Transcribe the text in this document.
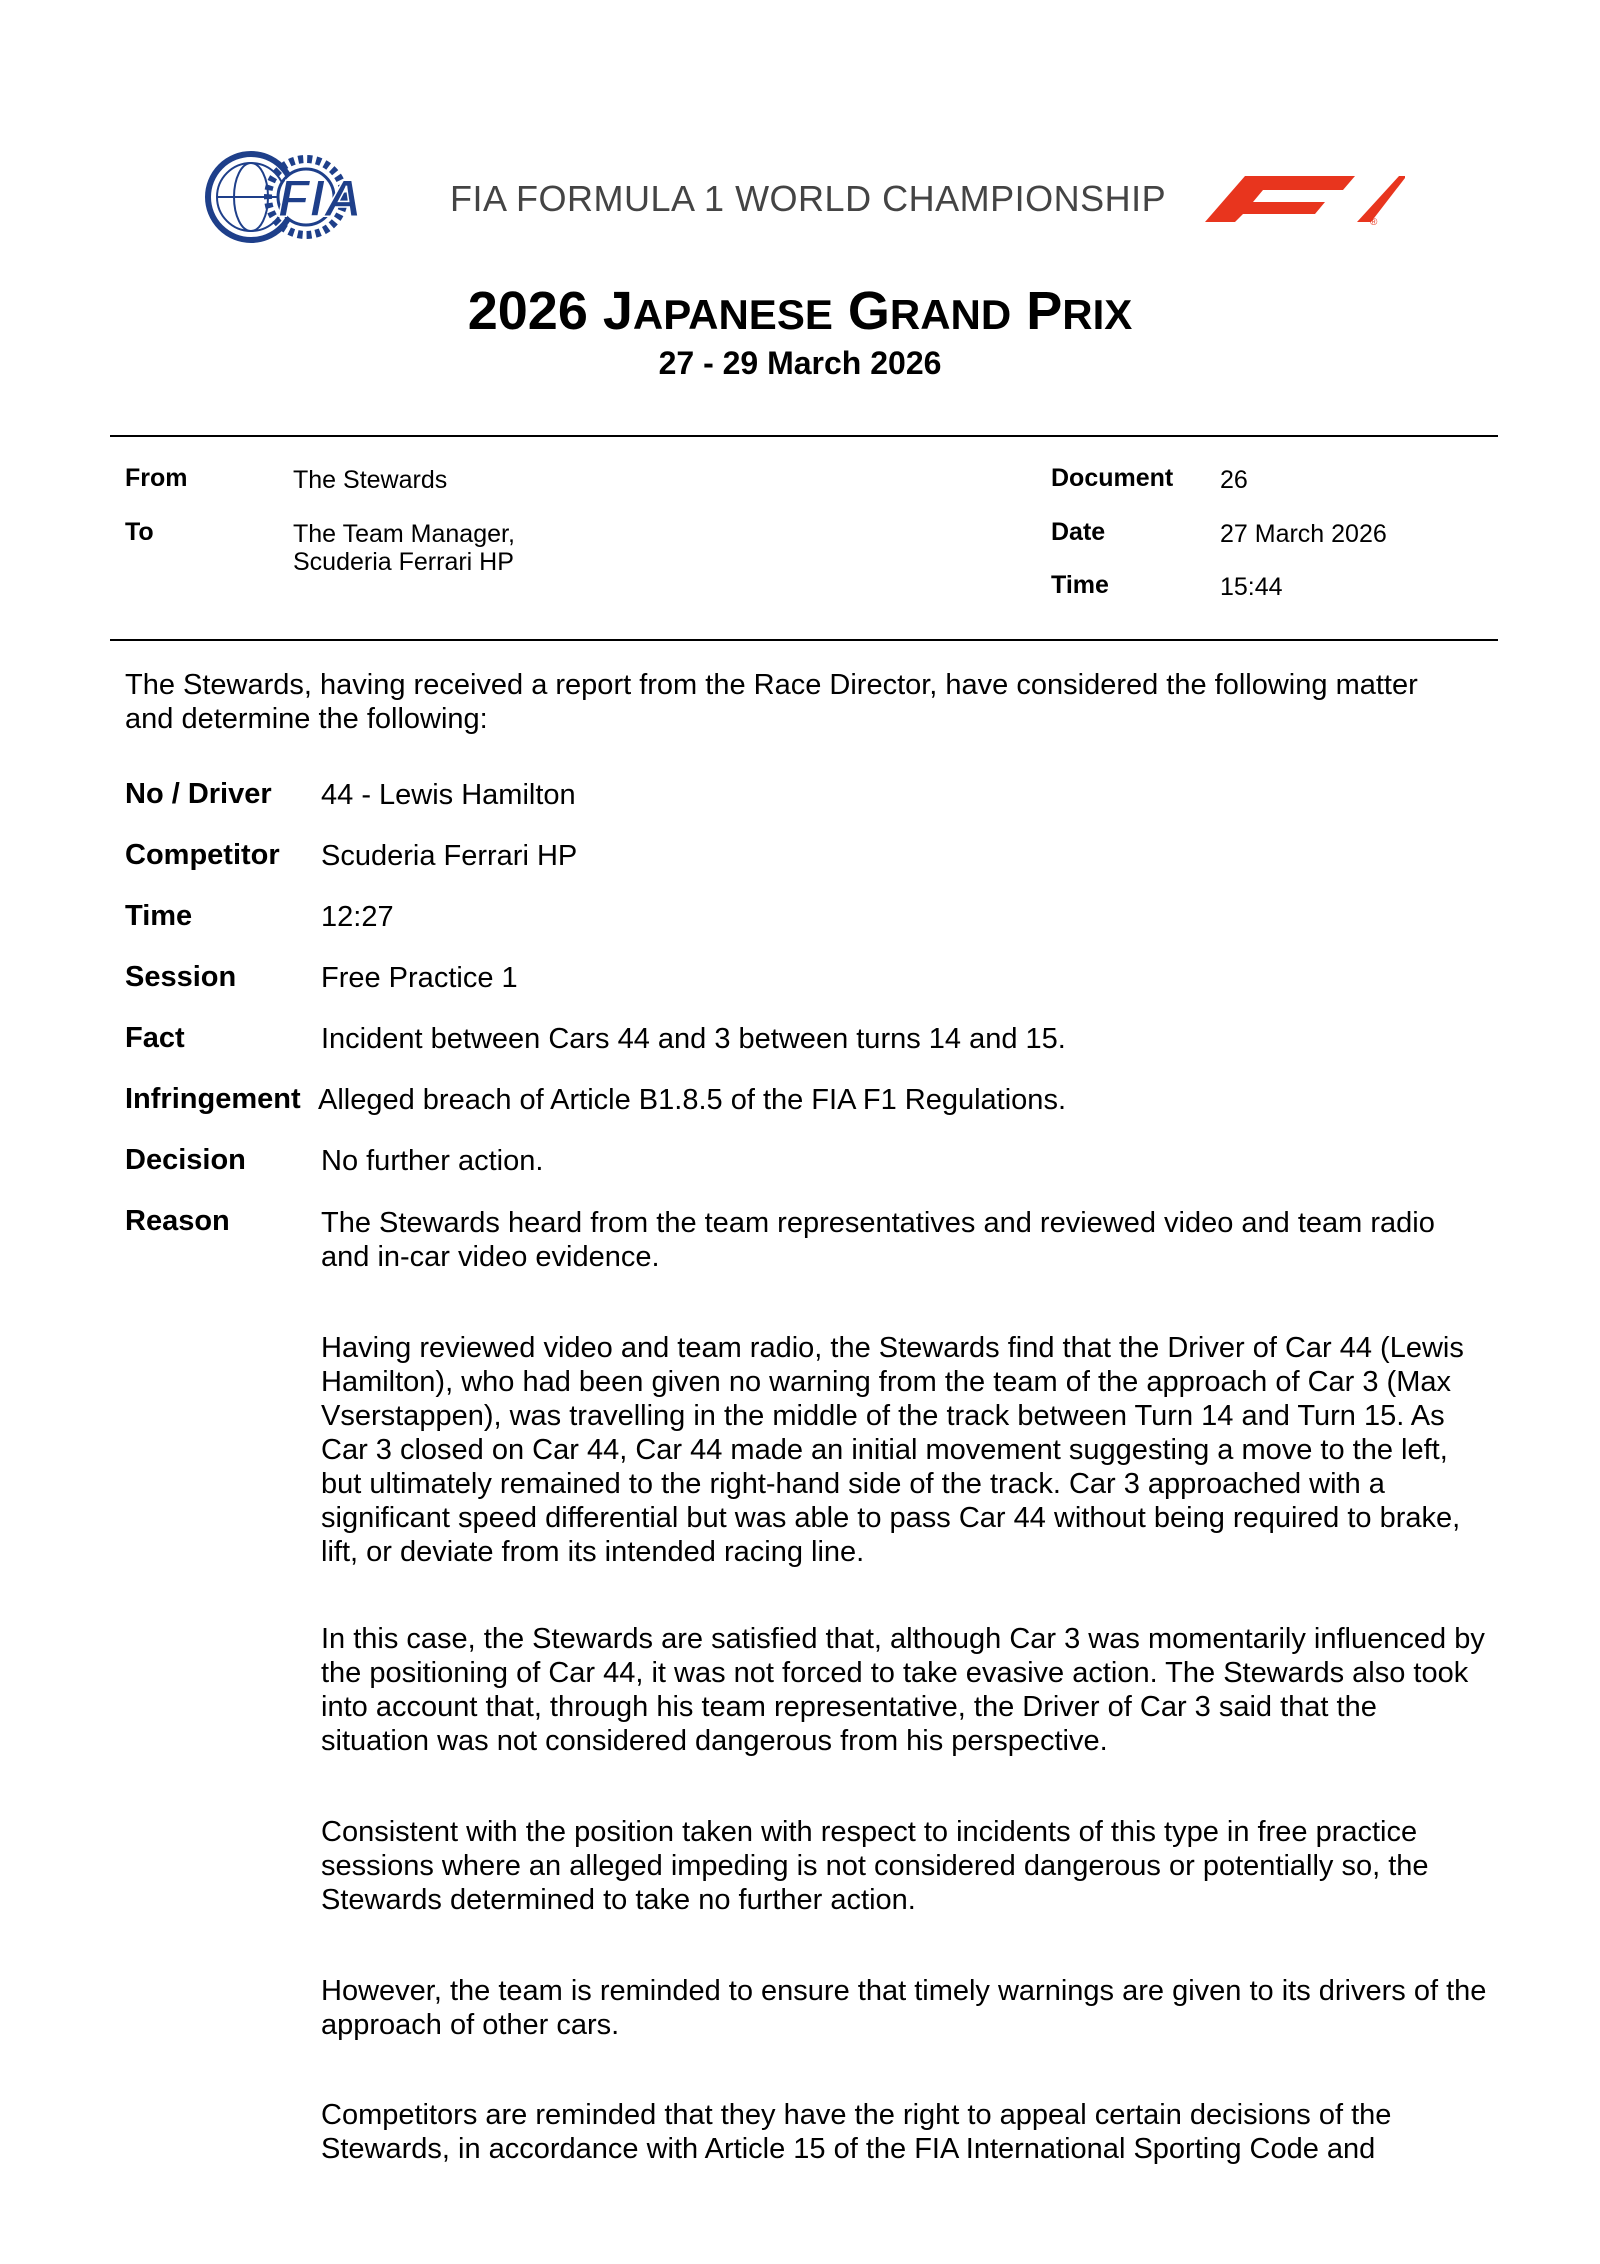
FIA FIA FORMULA 1 WORLD CHAMPIONSHIP
®
2026 JAPANESE GRAND PRIX
27 - 29 March 2026
From	The Stewards
To	The Team Manager,
Scuderia Ferrari HP
Document 26
Date	27 March 2026
Time	15:44
The Stewards, having received a report from the Race Director, have considered the following matter and determine the following:
No / Driver 44 - Lewis Hamilton
Competitor Scuderia Ferrari HP
Time	12:27
Session	Free Practice 1
Fact	Incident between Cars 44 and 3 between turns 14 and 15.
Infringement Alleged breach of Article B1.8.5 of the FIA F1 Regulations.
Decision	No further action.
Reason	The Stewards heard from the team representatives and reviewed video and team radio and in-car video evidence.
Having reviewed video and team radio, the Stewards find that the Driver of Car 44 (Lewis Hamilton), who had been given no warning from the team of the approach of Car 3 (Max Vserstappen), was travelling in the middle of the track between Turn 14 and Turn 15. As Car 3 closed on Car 44, Car 44 made an initial movement suggesting a move to the left, but ultimately remained to the right-hand side of the track. Car 3 approached with a significant speed differential but was able to pass Car 44 without being required to brake, lift, or deviate from its intended racing line.
In this case, the Stewards are satisfied that, although Car 3 was momentarily influenced by the positioning of Car 44, it was not forced to take evasive action. The Stewards also took into account that, through his team representative, the Driver of Car 3 said that the situation was not considered dangerous from his perspective.
Consistent with the position taken with respect to incidents of this type in free practice sessions where an alleged impeding is not considered dangerous or potentially so, the Stewards determined to take no further action.
However, the team is reminded to ensure that timely warnings are given to its drivers of the approach of other cars.
Competitors are reminded that they have the right to appeal certain decisions of the Stewards, in accordance with Article 15 of the FIA International Sporting Code and
